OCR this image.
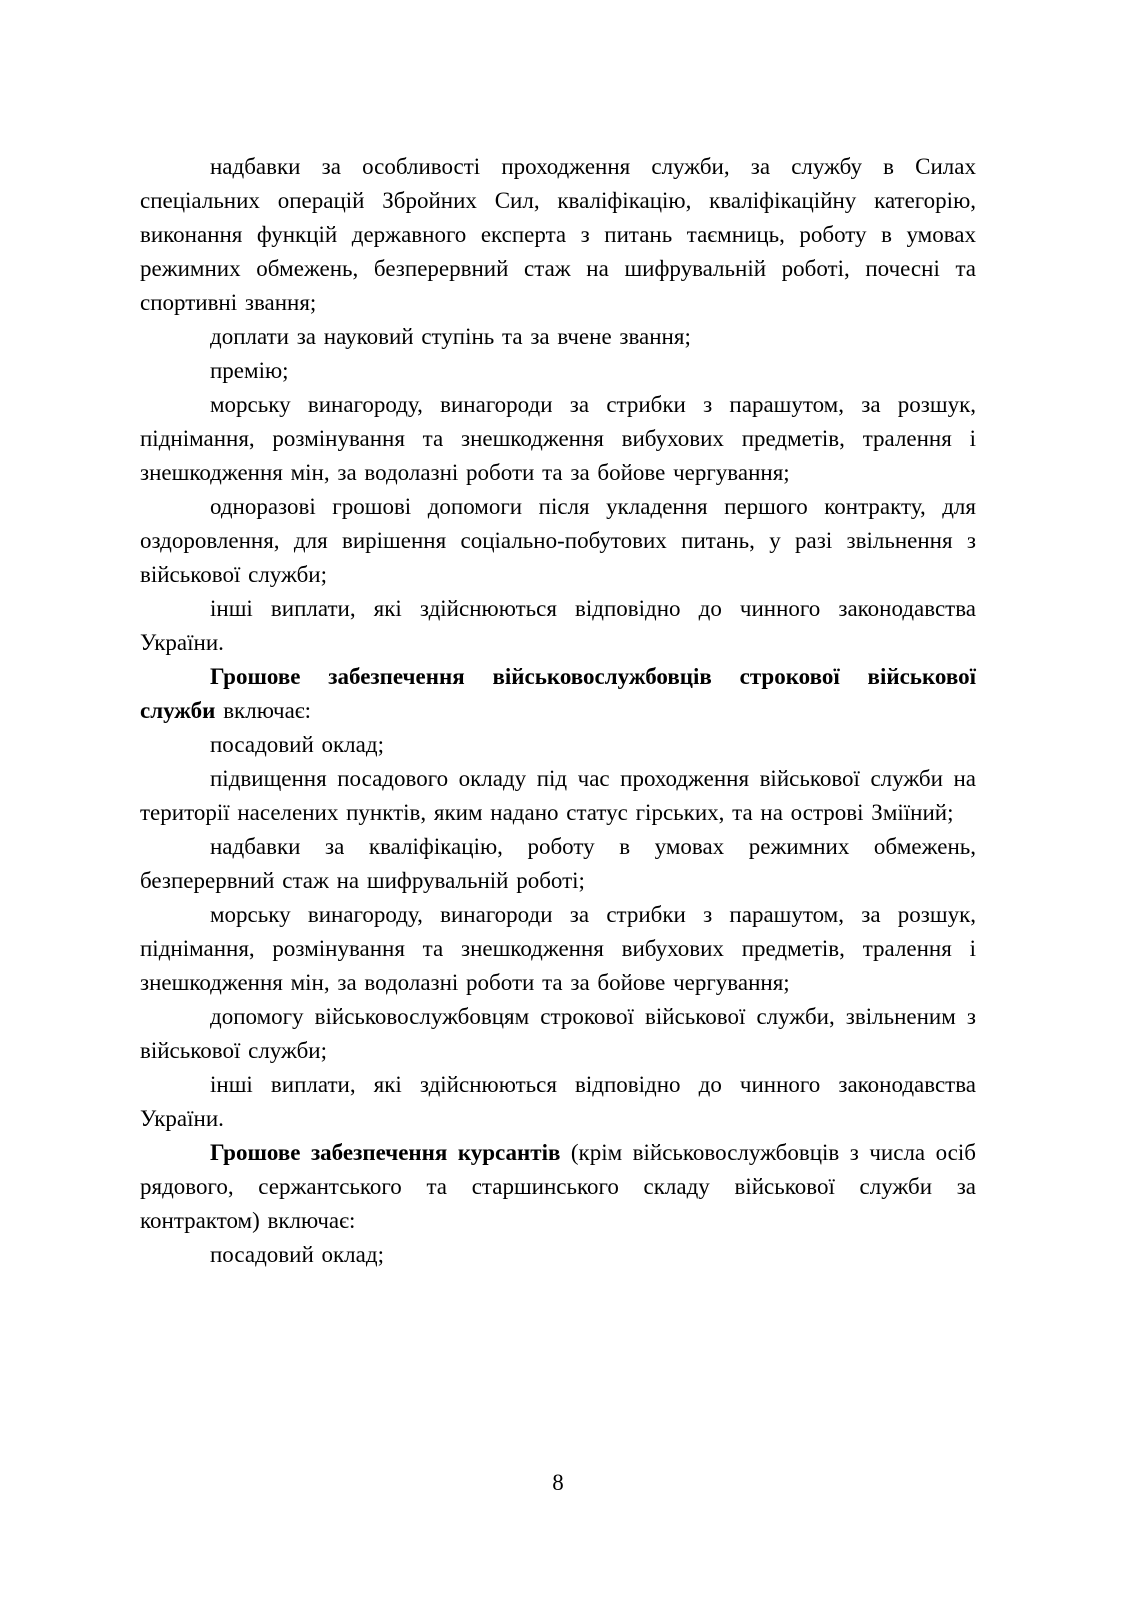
надбавки за особливості проходження служби, за службу в Силах спеціальних операцій Збройних Сил, кваліфікацію, кваліфікаційну категорію, виконання функцій державного експерта з питань таємниць, роботу в умовах режимних обмежень, безперервний стаж на шифрувальній роботі, почесні та спортивні звання;

доплати за науковий ступінь та за вчене звання;

премію;

морську винагороду, винагороди за стрибки з парашутом, за розшук, піднімання, розмінування та знешкодження вибухових предметів, тралення і знешкодження мін, за водолазні роботи та за бойове чергування;

одноразові грошові допомоги після укладення першого контракту, для оздоровлення, для вирішення соціально-побутових питань, у разі звільнення з військової служби;

інші виплати, які здійснюються відповідно до чинного законодавства України.

Грошове забезпечення військовослужбовців строкової військової служби включає:

посадовий оклад;

підвищення посадового окладу під час проходження військової служби на території населених пунктів, яким надано статус гірських, та на острові Зміїний;

надбавки за кваліфікацію, роботу в умовах режимних обмежень, безперервний стаж на шифрувальній роботі;

морську винагороду, винагороди за стрибки з парашутом, за розшук, піднімання, розмінування та знешкодження вибухових предметів, тралення і знешкодження мін, за водолазні роботи та за бойове чергування;

допомогу військовослужбовцям строкової військової служби, звільненим з військової служби;

інші виплати, які здійснюються відповідно до чинного законодавства України.

Грошове забезпечення курсантів (крім військовослужбовців з числа осіб рядового, сержантського та старшинського складу військової служби за контрактом) включає:

посадовий оклад;

8
